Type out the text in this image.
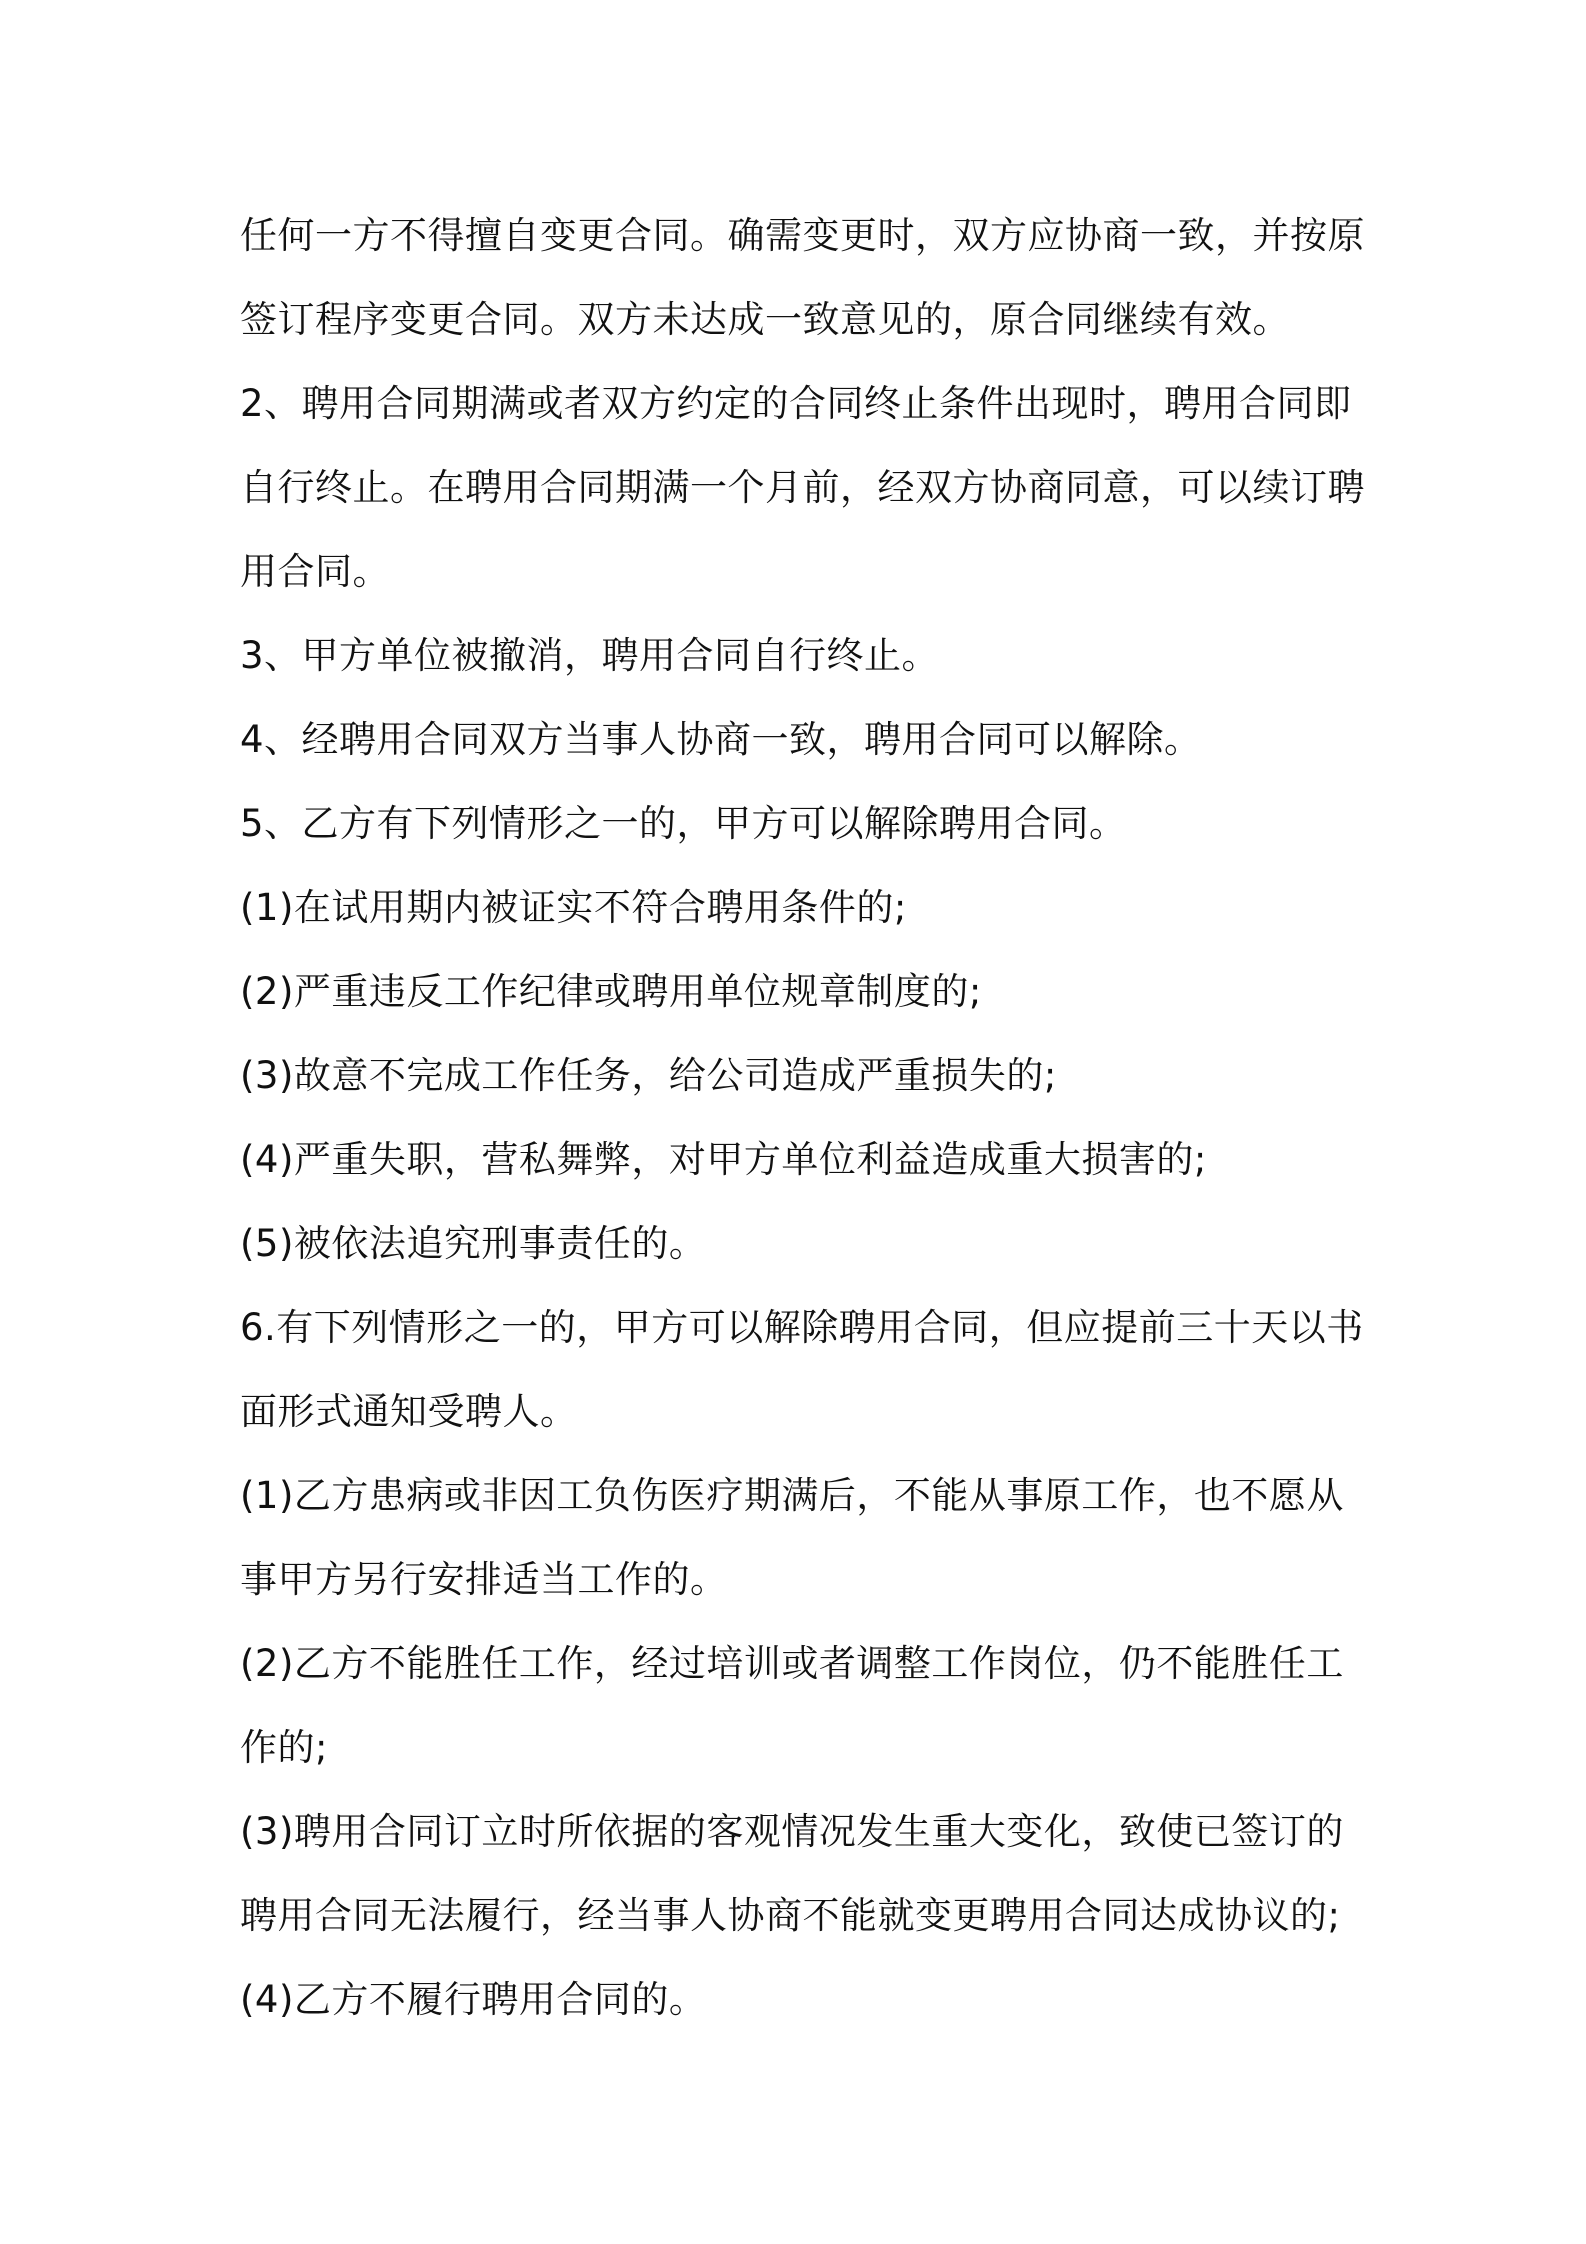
任何一方不得擅自变更合同。确需变更时，双方应协商一致，并按原
签订程序变更合同。双方未达成一致意见的，原合同继续有效。
2、聘用合同期满或者双方约定的合同终止条件出现时，聘用合同即
自行终止。在聘用合同期满一个月前，经双方协商同意，可以续订聘
用合同。
3、甲方单位被撤消，聘用合同自行终止。
4、经聘用合同双方当事人协商一致，聘用合同可以解除。
5、乙方有下列情形之一的，甲方可以解除聘用合同。
(1)在试用期内被证实不符合聘用条件的;
(2)严重违反工作纪律或聘用单位规章制度的;
(3)故意不完成工作任务，给公司造成严重损失的;
(4)严重失职，营私舞弊，对甲方单位利益造成重大损害的;
(5)被依法追究刑事责任的。
6.有下列情形之一的，甲方可以解除聘用合同，但应提前三十天以书
面形式通知受聘人。
(1)乙方患病或非因工负伤医疗期满后，不能从事原工作，也不愿从
事甲方另行安排适当工作的。
(2)乙方不能胜任工作，经过培训或者调整工作岗位，仍不能胜任工
作的;
(3)聘用合同订立时所依据的客观情况发生重大变化，致使已签订的
聘用合同无法履行，经当事人协商不能就变更聘用合同达成协议的;
(4)乙方不履行聘用合同的。
